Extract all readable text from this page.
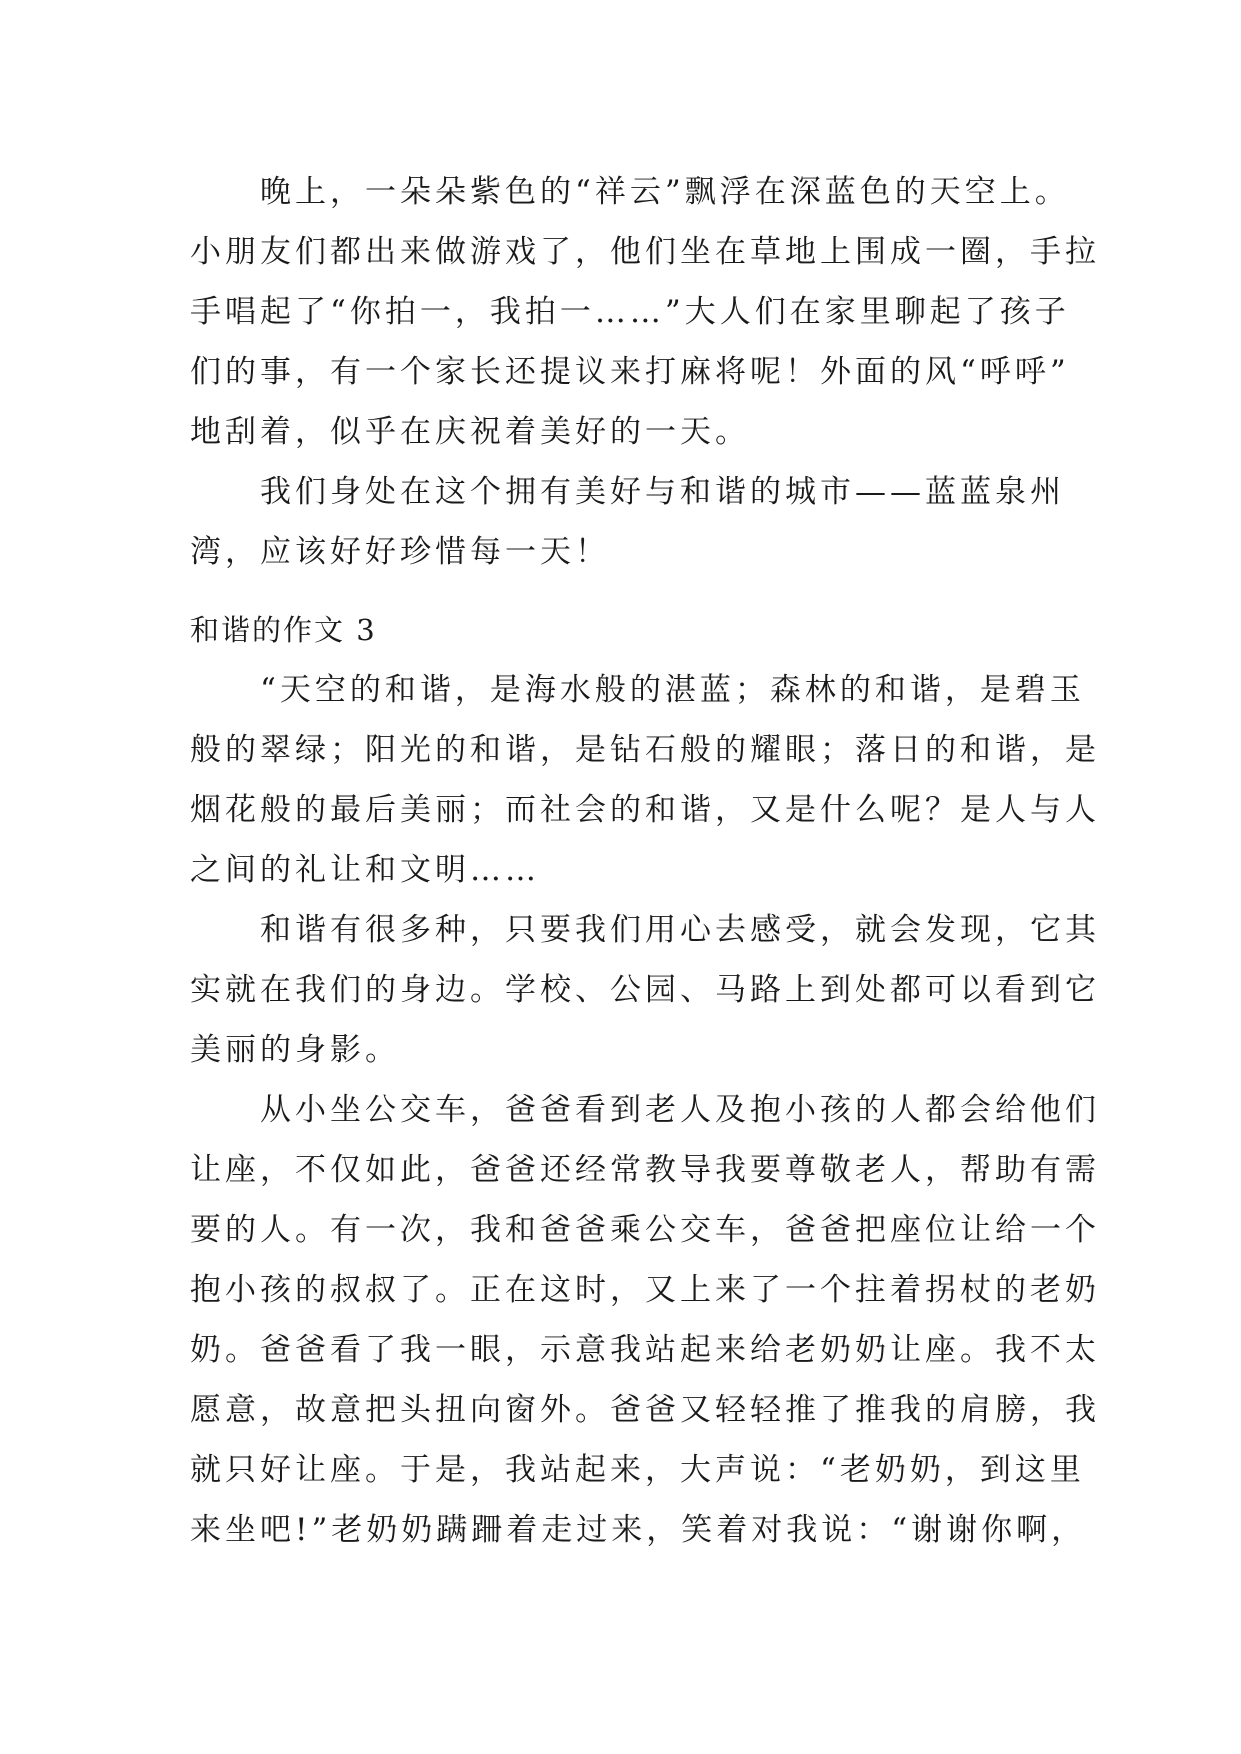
　　晚上，一朵朵紫色的“祥云”飘浮在深蓝色的天空上。
小朋友们都出来做游戏了，他们坐在草地上围成一圈，手拉
手唱起了“你拍一，我拍一……”大人们在家里聊起了孩子
们的事，有一个家长还提议来打麻将呢！外面的风“呼呼”
地刮着，似乎在庆祝着美好的一天。
　　我们身处在这个拥有美好与和谐的城市——蓝蓝泉州
湾，应该好好珍惜每一天！
和谐的作文 3
　　“天空的和谐，是海水般的湛蓝；森林的和谐，是碧玉
般的翠绿；阳光的和谐，是钻石般的耀眼；落日的和谐，是
烟花般的最后美丽；而社会的和谐，又是什么呢？是人与人
之间的礼让和文明……
　　和谐有很多种，只要我们用心去感受，就会发现，它其
实就在我们的身边。学校、公园、马路上到处都可以看到它
美丽的身影。
　　从小坐公交车，爸爸看到老人及抱小孩的人都会给他们
让座，不仅如此，爸爸还经常教导我要尊敬老人，帮助有需
要的人。有一次，我和爸爸乘公交车，爸爸把座位让给一个
抱小孩的叔叔了。正在这时，又上来了一个拄着拐杖的老奶
奶。爸爸看了我一眼，示意我站起来给老奶奶让座。我不太
愿意，故意把头扭向窗外。爸爸又轻轻推了推我的肩膀，我
就只好让座。于是，我站起来，大声说：“老奶奶，到这里
来坐吧!”老奶奶蹒跚着走过来，笑着对我说：“谢谢你啊，
